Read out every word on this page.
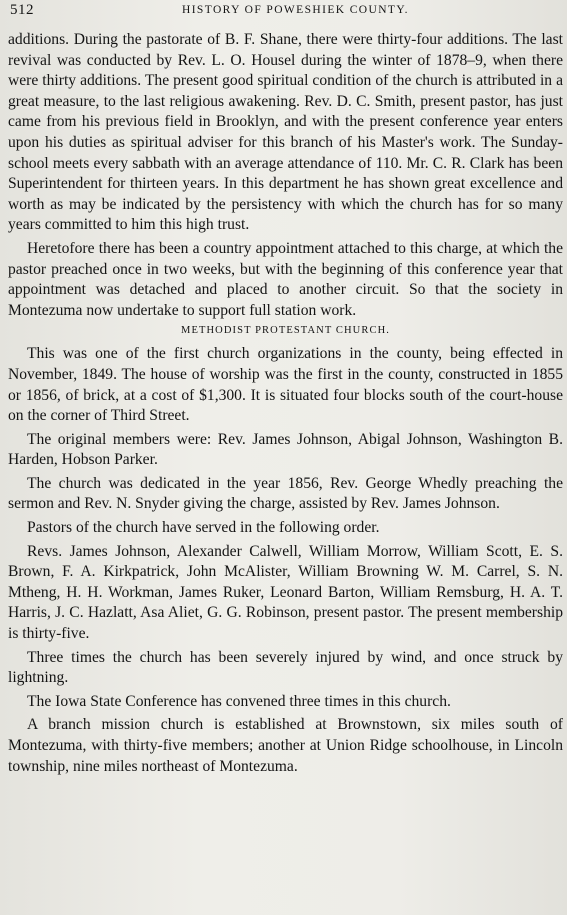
512	HISTORY OF POWESHIEK COUNTY.

additions. During the pastorate of B. F. Shane, there were thirty-four additions. The last revival was conducted by Rev. L. O. Housel during the winter of 1878–9, when there were thirty additions. The present good spiritual condition of the church is attributed in a great measure, to the last religious awakening. Rev. D. C. Smith, present pastor, has just came from his previous field in Brooklyn, and with the present conference year enters upon his duties as spiritual adviser for this branch of his Master's work. The Sunday-school meets every sabbath with an average attendance of 110. Mr. C. R. Clark has been Superintendent for thirteen years. In this department he has shown great excellence and worth as may be indicated by the persistency with which the church has for so many years committed to him this high trust.

Heretofore there has been a country appointment attached to this charge, at which the pastor preached once in two weeks, but with the beginning of this conference year that appointment was detached and placed to another circuit. So that the society in Montezuma now undertake to support full station work.

METHODIST PROTESTANT CHURCH.

This was one of the first church organizations in the county, being effected in November, 1849. The house of worship was the first in the county, constructed in 1855 or 1856, of brick, at a cost of $1,300. It is situated four blocks south of the court-house on the corner of Third Street.

The original members were: Rev. James Johnson, Abigal Johnson, Washington B. Harden, Hobson Parker.

The church was dedicated in the year 1856, Rev. George Whedly preaching the sermon and Rev. N. Snyder giving the charge, assisted by Rev. James Johnson.

Pastors of the church have served in the following order.

Revs. James Johnson, Alexander Calwell, William Morrow, William Scott, E. S. Brown, F. A. Kirkpatrick, John McAlister, William Browning W. M. Carrel, S. N. Mtheng, H. H. Workman, James Ruker, Leonard Barton, William Remsburg, H. A. T. Harris, J. C. Hazlatt, Asa Aliet, G. G. Robinson, present pastor. The present membership is thirty-five.

Three times the church has been severely injured by wind, and once struck by lightning.

The Iowa State Conference has convened three times in this church.

A branch mission church is established at Brownstown, six miles south of Montezuma, with thirty-five members; another at Union Ridge schoolhouse, in Lincoln township, nine miles northeast of Montezuma.
